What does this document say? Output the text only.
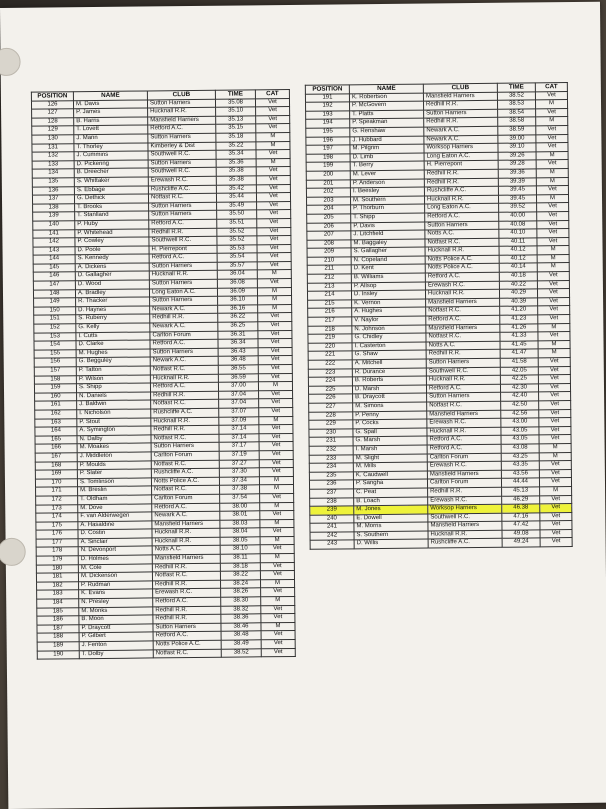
POSITION	NAME	CLUB	TIME	CAT
126	M. Davis	Sutton Harriers	35.08	Vet
127	P. James	Hucknall R.R.	35.10	Vet
128	B. Harris	Mansfield Harriers	35.13	Vet
129	T. Lovett	Retford A.C.	35.15	Vet
130	J. Mann	Sutton Harriers	35.18	M
131	T. Thorley	Kimberley & Dist	35.22	M
132	J. Cummins	Southwell R.C.	35.34	Vet
133	D. Pickering	Sutton Harriers	35.36	M
134	B. Dreecher	Southwell R.C.	35.38	Vet
135	S. Whittaker	Erewash R.C.	35.38	Vet
136	S. Ebbage	Rushcliffe A.C.	35.42	Vet
137	G. Dethick	Notfast R.C.	35.44	Vet
138	T. Brooks	Sutton Harriers	35.49	Vet
139	T. Stanlland	Sutton Harriers	35.50	Vet
140	P. Huby	Retford A.C.	35.51	Vet
141	P. Whitehead	Redhill R.R.	35.52	Vet
142	P. Cowley	Southwell R.C.	35.52	Vet
143	D. Poole	H. Pierrepont	35.53	Vet
144	S. Kennedy	Retford A.C.	35.54	Vet
145	A. Dickens	Sutton Harriers	35.57	Vet
146	D. Gallagher	Hucknall R.R.	36.04	M
147	D. Wood	Sutton Harriers	36.08	Vet
148	A. Bradley	Long Eaton A.C.	36.09	M
149	R. Thacker	Sutton Harriers	36.10	M
150	D. Haynes	Newark A.C.	36.16	M
151	S. Ruberry	Redhill R.R.	36.22	Vet
152	G. Kelly	Newark A.C.	36.25	Vet
153	I. Cutts	Carlton Forum	36.31	Vet
154	D. Clarke	Retford A.C.	36.34	Vet
155	M. Hughes	Sutton Harriers	36.43	Vet
156	G. Begguley	Newark A.C.	36.48	Vet
157	P. Tatton	Notfast R.C.	36.55	Vet
158	P. Wilson	Hucknall R.R.	36.59	Vet
159	S. Shipp	Retford A.C.	37.00	M
160	N. Daniels	Redhill R.R.	37.04	Vet
161	J. Baldwin	Notfast R.C.	37.04	Vet
162	I. Nicholson	Rushcliffe A.C.	37.07	Vet
163	P. Stout	Hucknall R.R.	37.09	M
164	A. Symington	Redhill R.R.	37.14	Vet
165	N. Dalby	Notfast R.C.	37.14	Vet
166	M. Moakes	Sutton Harriers	37.17	Vet
167	J. Middleton	Carlton Forum	37.19	Vet
168	P. Moulds	Notfast R.C.	37.27	Vet
169	P. Slater	Rushcliffe A.C.	37.30	Vet
170	S. Tomlinson	Notts Police A.C.	37.34	M
171	M. Breslin	Notfast R.C.	37.38	M
172	T. Oldham	Carlton Forum	37.54	Vet
173	M. Dove	Retford A.C.	38.00	M
174	F. van Alderwegen	Newark A.C.	38.01	Vet
175	A. Hasaldine	Mansfield Harriers	38.03	M
176	D. Costin	Hucknall R.R.	38.04	Vet
177	A. Sinclair	Hucknall R.R.	38.05	M
178	N. Devonport	Notts A.C.	38.10	Vet
179	D. Holmes	Mansfield Harriers	38.11	M
180	M. Cole	Redhill R.R.	38.18	Vet
181	M. Dickenson	Notfast R.C.	38.22	Vet
182	P. Rudman	Redhill R.R.	38.24	M
183	K. Evans	Erewash R.C.	38.26	Vet
184	N. Presley	Retford A.C.	38.30	M
185	M. Monks	Redhill R.R.	38.32	Vet
186	B. Moon	Redhill R.R.	38.36	Vet
187	P. Draycott	Sutton Harriers	38.46	M
188	P. Gilbert	Retford A.C.	38.48	Vet
189	J. Fenton	Notts Police A.C.	38.49	Vet
190	T. Dolby	Notfast R.C.	38.52	Vet
POSITION	NAME	CLUB	TIME	CAT
191	K. Robertson	Mansfield Harriers	38.52	Vet
192	P. McGovern	Redhill R.R.	38.53	M
193	T. Platts	Sutton Harriers	38.54	Vet
194	P. Speakman	Redhill R.R.	38.58	M
195	G. Renshaw	Newark A.C.	38.59	Vet
196	J. Hubbard	Newark A.C.	39.00	Vet
197	M. Pilgrim	Worksop Harriers	39.10	Vet
198	D. Limb	Long Eaton A.C.	39.26	M
199	T. Berry	H. Pierrepont	39.28	Vet
200	M. Lever	Redhill R.R.	39.36	M
201	P. Anderson	Redhill R.R.	39.39	M
202	I. Beesley	Rushcliffe A.C.	39.45	Vet
203	M. Southern	Hucknall R.R.	39.45	M
204	P. Thorburn	Long Eaton A.C.	39.52	Vet
205	T. Shipp	Retford A.C.	40.00	Vet
206	P. Davis	Sutton Harriers	40.08	Vet
207	J. Litchfield	Notts A.C.	40.10	Vet
208	M. Baggaley	Notfast R.C.	40.11	Vet
209	S. Gallagher	Hucknall R.R.	40.12	M
210	N. Copeland	Notts Police A.C.	40.12	M
211	D. Kent	Notts Police A.C.	40.14	M
212	B. Williams	Retford A.C.	40.18	Vet
213	P. Allsop	Erewash R.C.	40.22	Vet
214	D. Insley	Hucknall R.R.	40.29	Vet
215	K. Vernon	Mansfield Harriers	40.39	Vet
216	A. Hughes	Notfast R.C.	41.20	Vet
217	V. Naylor	Retford A.C.	41.23	Vet
218	N. Johnson	Mansfield Harriers	41.26	M
219	G. Chidley	Notfast R.C.	41.33	Vet
220	I. Casterton	Notts A.C.	41.45	M
221	G. Shaw	Redhill R.R.	41.47	M
222	A. Mitchell	Sutton Harriers	41.58	Vet
223	R. Durance	Southwell R.C.	42.05	Vet
224	B. Roberts	Hucknall R.R.	42.25	Vet
225	D. Marsh	Retford A.C.	42.30	Vet
226	B. Draycott	Sutton Harriers	42.40	Vet
227	M. Simons	Notfast R.C.	42.50	Vet
228	P. Penny	Mansfield Harriers	42.56	Vet
229	P. Cocks	Erewash R.C.	43.00	Vet
230	G. Spall	Hucknall R.R.	43.05	Vet
231	G. Marsh	Retford A.C.	43.05	Vet
232	I. Marsh	Retford A.C.	43.08	M
233	M. Slight	Carlton Forum	43.25	M
234	M. Mills	Erewash R.C.	43.35	Vet
235	K. Caudwell	Mansfield Harriers	43.56	Vet
236	P. Sangha	Carlton Forum	44.44	Vet
237	C. Peat	Redhill R.R.	45.13	M
238	B. Loach	Erewash R.C.	46.29	Vet
239	M. Jones	Worksop Harriers	46.38	Vet
240	E. Dowell	Southwell R.C.	47.16	Vet
241	M. Morris	Mansfield Harriers	47.42	Vet
242	S. Southern	Hucknall R.R.	49.08	Vet
243	D. Willis	Rushcliffe A.C.	49.24	Vet
